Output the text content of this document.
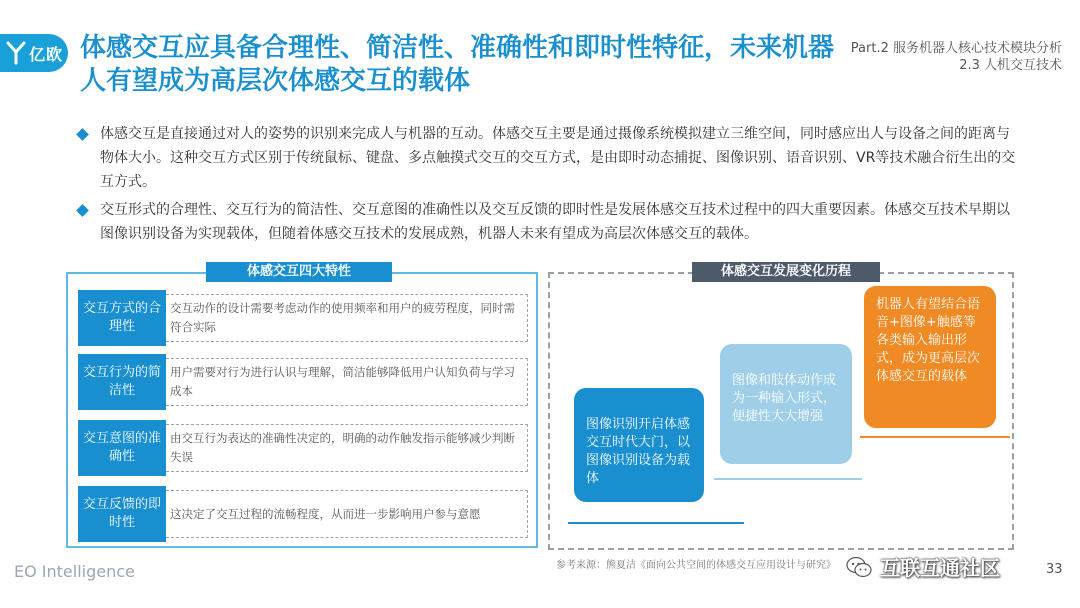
亿欧 体感交互应具备合理性、简洁性、准确性和即时性特征，未来机器人有望成为高层次体感交互的载体
Part.2 服务机器人核心技术模块分析
2.3 人机交互技术
体感交互是直接通过对人的姿势的识别来完成人与机器的互动。体感交互主要是通过摄像系统模拟建立三维空间，同时感应出人与设备之间的距离与物体大小。这种交互方式区别于传统鼠标、键盘、多点触摸式交互的交互方式，是由即时动态捕捉、图像识别、语音识别、VR等技术融合衍生出的交互方式。
交互形式的合理性、交互行为的简洁性、交互意图的准确性以及交互反馈的即时性是发展体感交互技术过程中的四大重要因素。体感交互技术早期以图像识别设备为实现载体，但随着体感交互技术的发展成熟，机器人未来有望成为高层次体感交互的载体。
体感交互四大特性
交互方式的合理性
交互动作的设计需要考虑动作的使用频率和用户的疲劳程度，同时需符合实际
交互行为的简洁性
用户需要对行为进行认识与理解，简洁能够降低用户认知负荷与学习成本
交互意图的准确性
由交互行为表达的准确性决定的，明确的动作触发指示能够减少判断失误
交互反馈的即时性
这决定了交互过程的流畅程度，从而进一步影响用户参与意愿
体感交互发展变化历程
图像识别开启体感交互时代大门，以图像识别设备为载体
图像和肢体动作成为一种输入形式，便捷性大大增强
机器人有望结合语音+图像+触感等各类输入输出形式，成为更高层次体感交互的载体
参考来源：熊夏洁《面向公共空间的体感交互应用设计与研究》
EO Intelligence	互联互通社区	33
